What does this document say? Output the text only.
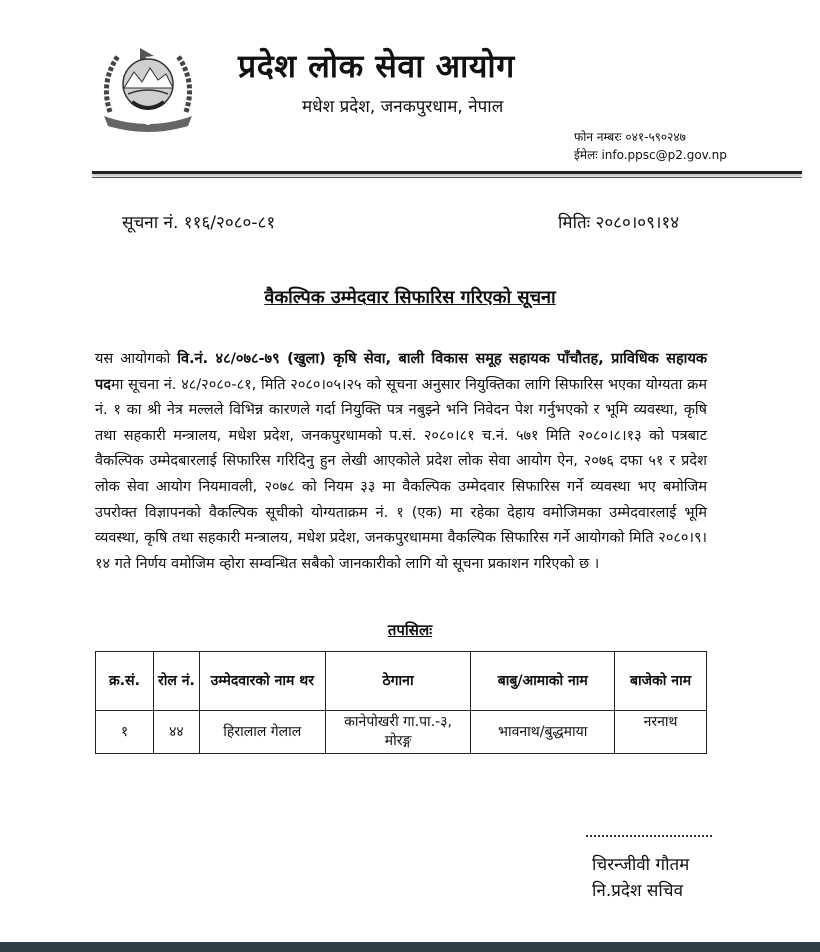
प्रदेश लोक सेवा आयोग
मधेश प्रदेश, जनकपुरधाम, नेपाल
फोन नम्बरः ०४१-५९०२४७
ईमेलः info.ppsc@p2.gov.np
सूचना नं. ११६/२०८०-८१	मितिः २०८०।०९।१४
वैकल्पिक उम्मेदवार सिफारिस गरिएको सूचना
यस आयोगको वि.नं. ४८/०७८-७९ (खुला) कृषि सेवा, बाली विकास समूह सहायक पाँचौतह, प्राविधिक सहायक पदमा सूचना नं. ४८/२०८०-८१, मिति २०८०।०५।२५ को सूचना अनुसार नियुक्तिका लागि सिफारिस भएका योग्यता क्रम नं. १ का श्री नेत्र मल्लले विभिन्न कारणले गर्दा नियुक्ति पत्र नबुझ्ने भनि निवेदन पेश गर्नुभएको र भूमि व्यवस्था, कृषि तथा सहकारी मन्त्रालय, मधेश प्रदेश, जनकपुरधामको प.सं. २०८०।८१ च.नं. ५७१ मिति २०८०।८।१३ को पत्रबाट वैकल्पिक उम्मेदबारलाई सिफारिस गरिदिनु हुन लेखी आएकोले प्रदेश लोक सेवा आयोग ऐन, २०७६ दफा ५१ र प्रदेश लोक सेवा आयोग नियमावली, २०७८ को नियम ३३ मा वैकल्पिक उम्मेदवार सिफारिस गर्ने व्यवस्था भए बमोजिम उपरोक्त विज्ञापनको वैकल्पिक सूचीको योग्यताक्रम नं. १ (एक) मा रहेका देहाय वमोजिमका उम्मेदवारलाई भूमि व्यवस्था, कृषि तथा सहकारी मन्त्रालय, मधेश प्रदेश, जनकपुरधाममा वैकल्पिक सिफारिस गर्ने आयोगको मिति २०८०।९।१४ गते निर्णय वमोजिम व्होरा सम्वन्धित सबैको जानकारीको लागि यो सूचना प्रकाशन गरिएको छ ।
तपसिलः
क्र.सं.	रोल नं.	उम्मेदवारको नाम थर	ठेगाना	बाबु/आमाको नाम	बाजेको नाम
१	४४	हिरालाल गेलाल	कानेपोखरी गा.पा.-३, मोरङ्ग	भावनाथ/बुद्धमाया	नरनाथ
चिरन्जीवी गौतम
नि.प्रदेश सचिव
